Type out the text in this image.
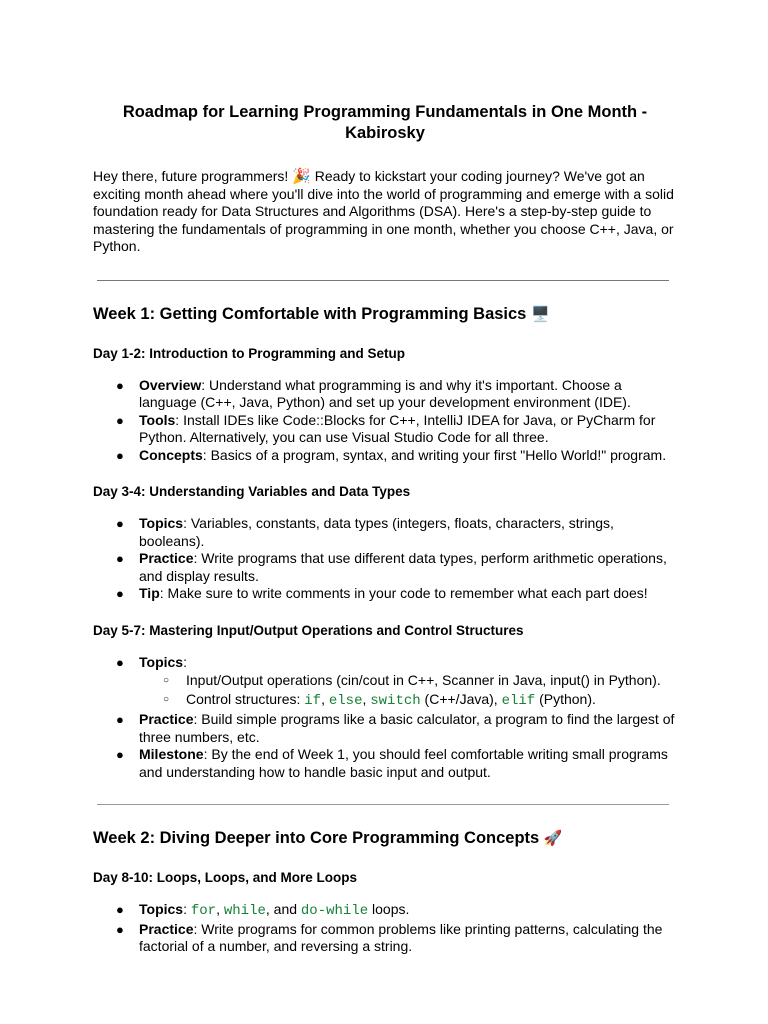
Roadmap for Learning Programming Fundamentals in One Month - Kabirosky

Hey there, future programmers! 🎉 Ready to kickstart your coding journey? We've got an exciting month ahead where you'll dive into the world of programming and emerge with a solid foundation ready for Data Structures and Algorithms (DSA). Here's a step-by-step guide to mastering the fundamentals of programming in one month, whether you choose C++, Java, or Python.

Week 1: Getting Comfortable with Programming Basics 🖥️
Day 1-2: Introduction to Programming and Setup
● Overview: Understand what programming is and why it's important. Choose a language (C++, Java, Python) and set up your development environment (IDE).
● Tools: Install IDEs like Code::Blocks for C++, IntelliJ IDEA for Java, or PyCharm for Python. Alternatively, you can use Visual Studio Code for all three.
● Concepts: Basics of a program, syntax, and writing your first "Hello World!" program.
Day 3-4: Understanding Variables and Data Types
● Topics: Variables, constants, data types (integers, floats, characters, strings, booleans).
● Practice: Write programs that use different data types, perform arithmetic operations, and display results.
● Tip: Make sure to write comments in your code to remember what each part does!
Day 5-7: Mastering Input/Output Operations and Control Structures
● Topics:
○ Input/Output operations (cin/cout in C++, Scanner in Java, input() in Python).
○ Control structures: if, else, switch (C++/Java), elif (Python).
● Practice: Build simple programs like a basic calculator, a program to find the largest of three numbers, etc.
● Milestone: By the end of Week 1, you should feel comfortable writing small programs and understanding how to handle basic input and output.
Week 2: Diving Deeper into Core Programming Concepts 🚀
Day 8-10: Loops, Loops, and More Loops
● Topics: for, while, and do-while loops.
● Practice: Write programs for common problems like printing patterns, calculating the factorial of a number, and reversing a string.
